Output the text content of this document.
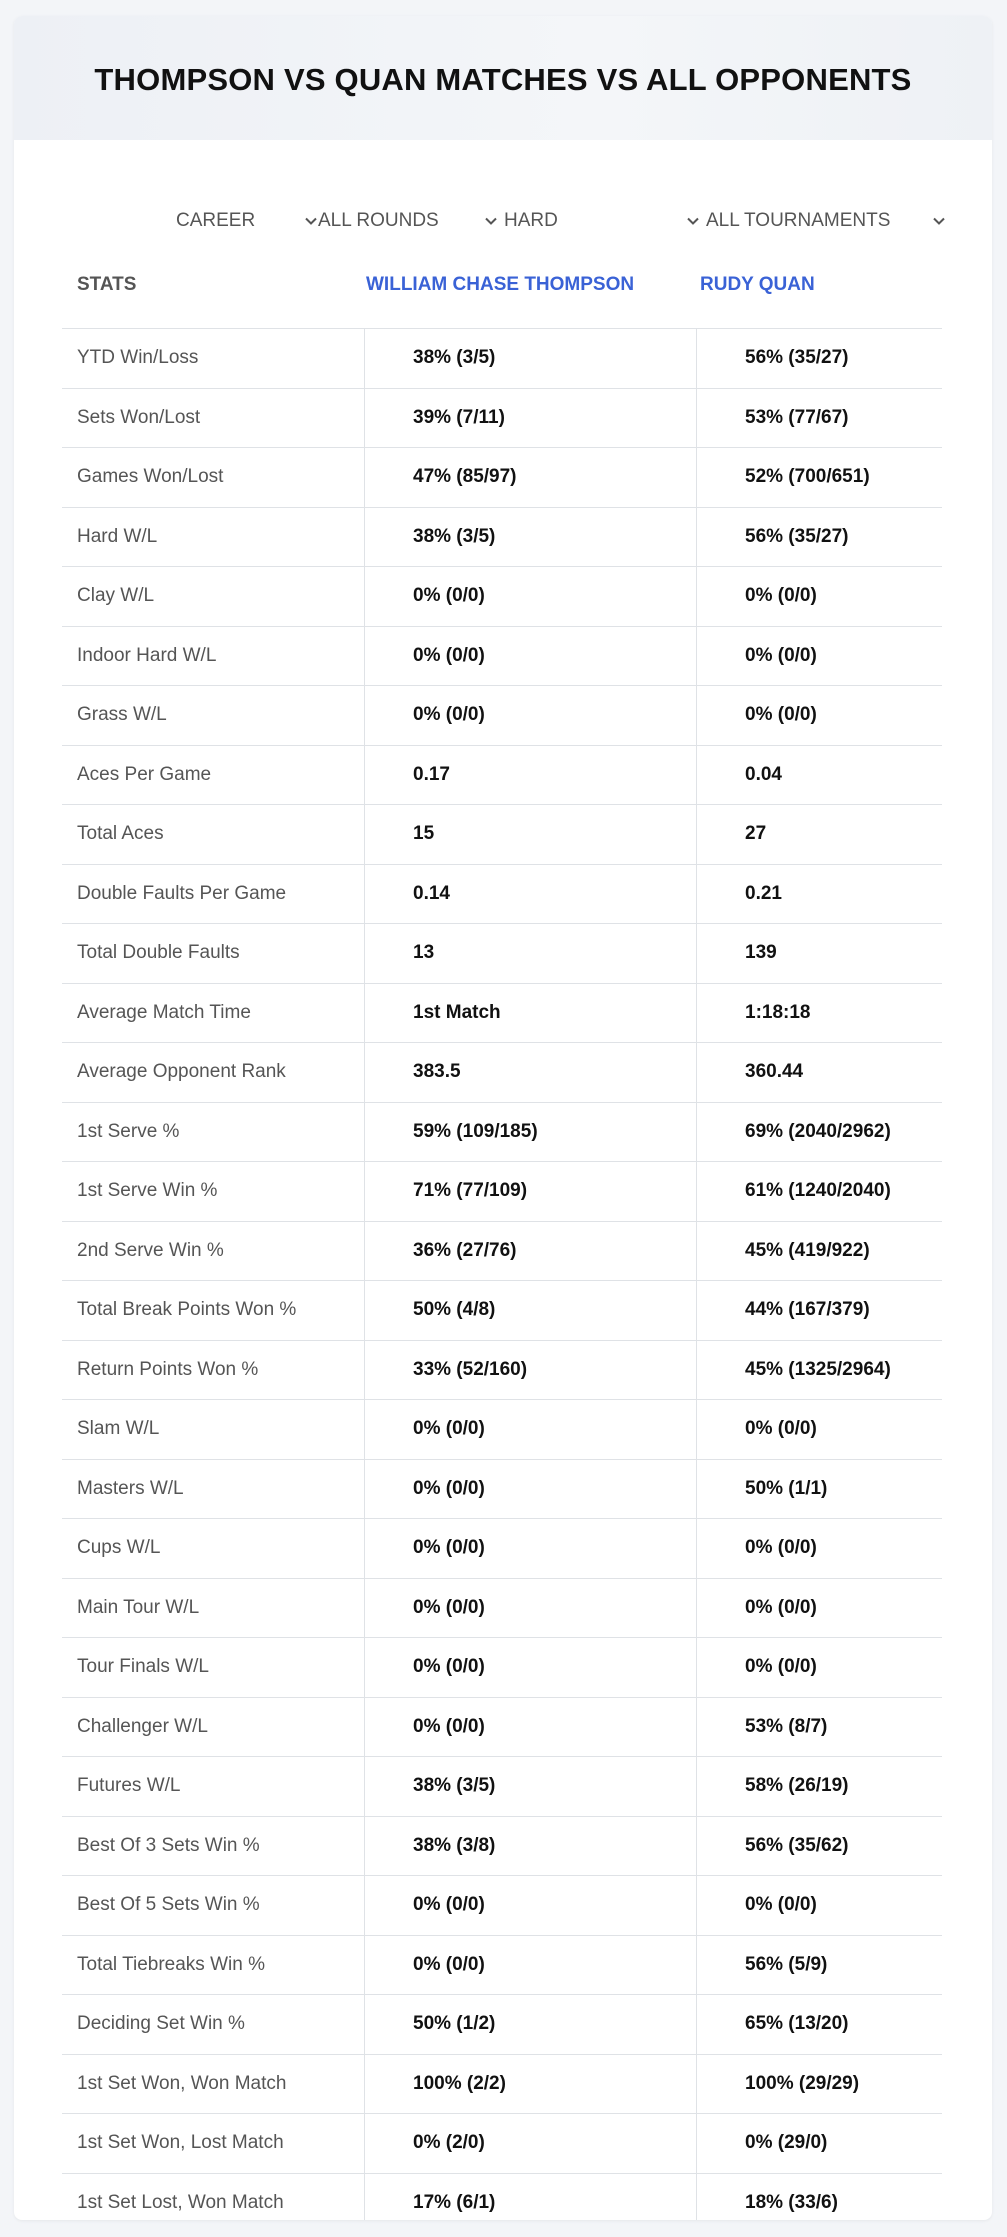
THOMPSON VS QUAN MATCHES VS ALL OPPONENTS
CAREER	ALL ROUNDS	HARD	ALL TOURNAMENTS
STATS	WILLIAM CHASE THOMPSON	RUDY QUAN
YTD Win/Loss	38% (3/5)	56% (35/27)
Sets Won/Lost	39% (7/11)	53% (77/67)
Games Won/Lost	47% (85/97)	52% (700/651)
Hard W/L	38% (3/5)	56% (35/27)
Clay W/L	0% (0/0)	0% (0/0)
Indoor Hard W/L	0% (0/0)	0% (0/0)
Grass W/L	0% (0/0)	0% (0/0)
Aces Per Game	0.17	0.04
Total Aces	15	27
Double Faults Per Game	0.14	0.21
Total Double Faults	13	139
Average Match Time	1st Match	1:18:18
Average Opponent Rank	383.5	360.44
1st Serve %	59% (109/185)	69% (2040/2962)
1st Serve Win %	71% (77/109)	61% (1240/2040)
2nd Serve Win %	36% (27/76)	45% (419/922)
Total Break Points Won %	50% (4/8)	44% (167/379)
Return Points Won %	33% (52/160)	45% (1325/2964)
Slam W/L	0% (0/0)	0% (0/0)
Masters W/L	0% (0/0)	50% (1/1)
Cups W/L	0% (0/0)	0% (0/0)
Main Tour W/L	0% (0/0)	0% (0/0)
Tour Finals W/L	0% (0/0)	0% (0/0)
Challenger W/L	0% (0/0)	53% (8/7)
Futures W/L	38% (3/5)	58% (26/19)
Best Of 3 Sets Win %	38% (3/8)	56% (35/62)
Best Of 5 Sets Win %	0% (0/0)	0% (0/0)
Total Tiebreaks Win %	0% (0/0)	56% (5/9)
Deciding Set Win %	50% (1/2)	65% (13/20)
1st Set Won, Won Match	100% (2/2)	100% (29/29)
1st Set Won, Lost Match	0% (2/0)	0% (29/0)
1st Set Lost, Won Match	17% (6/1)	18% (33/6)
